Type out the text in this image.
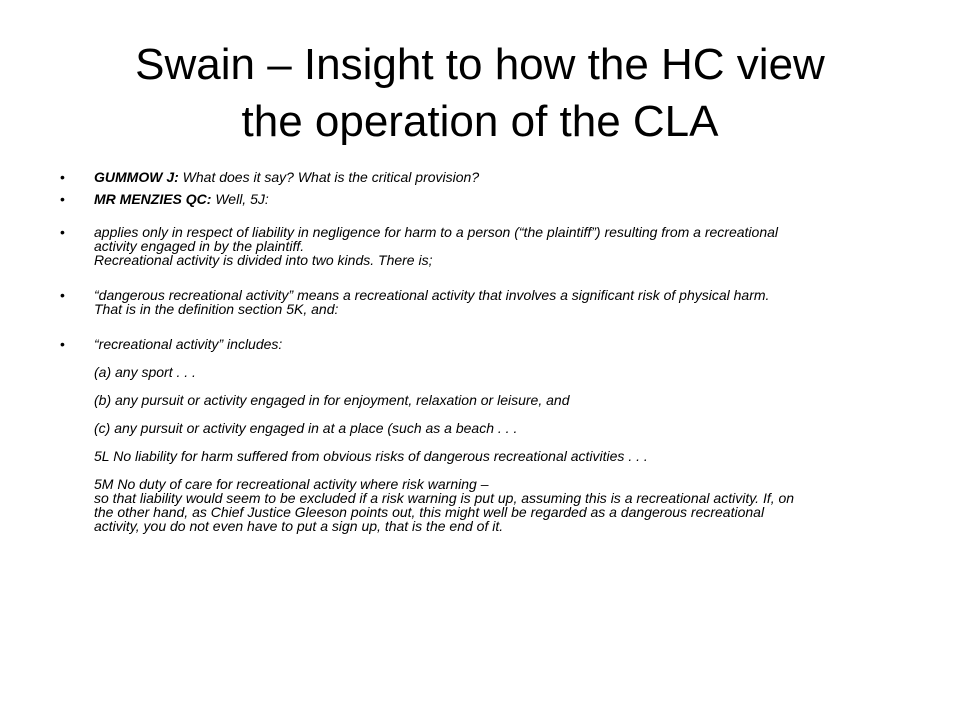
Swain – Insight to how the HC view
the operation of the CLA
• GUMMOW J: What does it say? What is the critical provision?
• MR MENZIES QC: Well, 5J:
• applies only in respect of liability in negligence for harm to a person (“the plaintiff”) resulting from a recreational
activity engaged in by the plaintiff.
Recreational activity is divided into two kinds. There is;
• “dangerous recreational activity” means a recreational activity that involves a significant risk of physical harm.
That is in the definition section 5K, and:
• “recreational activity” includes:
(a) any sport . . .
(b) any pursuit or activity engaged in for enjoyment, relaxation or leisure, and
(c) any pursuit or activity engaged in at a place (such as a beach . . .
5L No liability for harm suffered from obvious risks of dangerous recreational activities . . .
5M No duty of care for recreational activity where risk warning –
so that liability would seem to be excluded if a risk warning is put up, assuming this is a recreational activity. If, on
the other hand, as Chief Justice Gleeson points out, this might well be regarded as a dangerous recreational
activity, you do not even have to put a sign up, that is the end of it.
